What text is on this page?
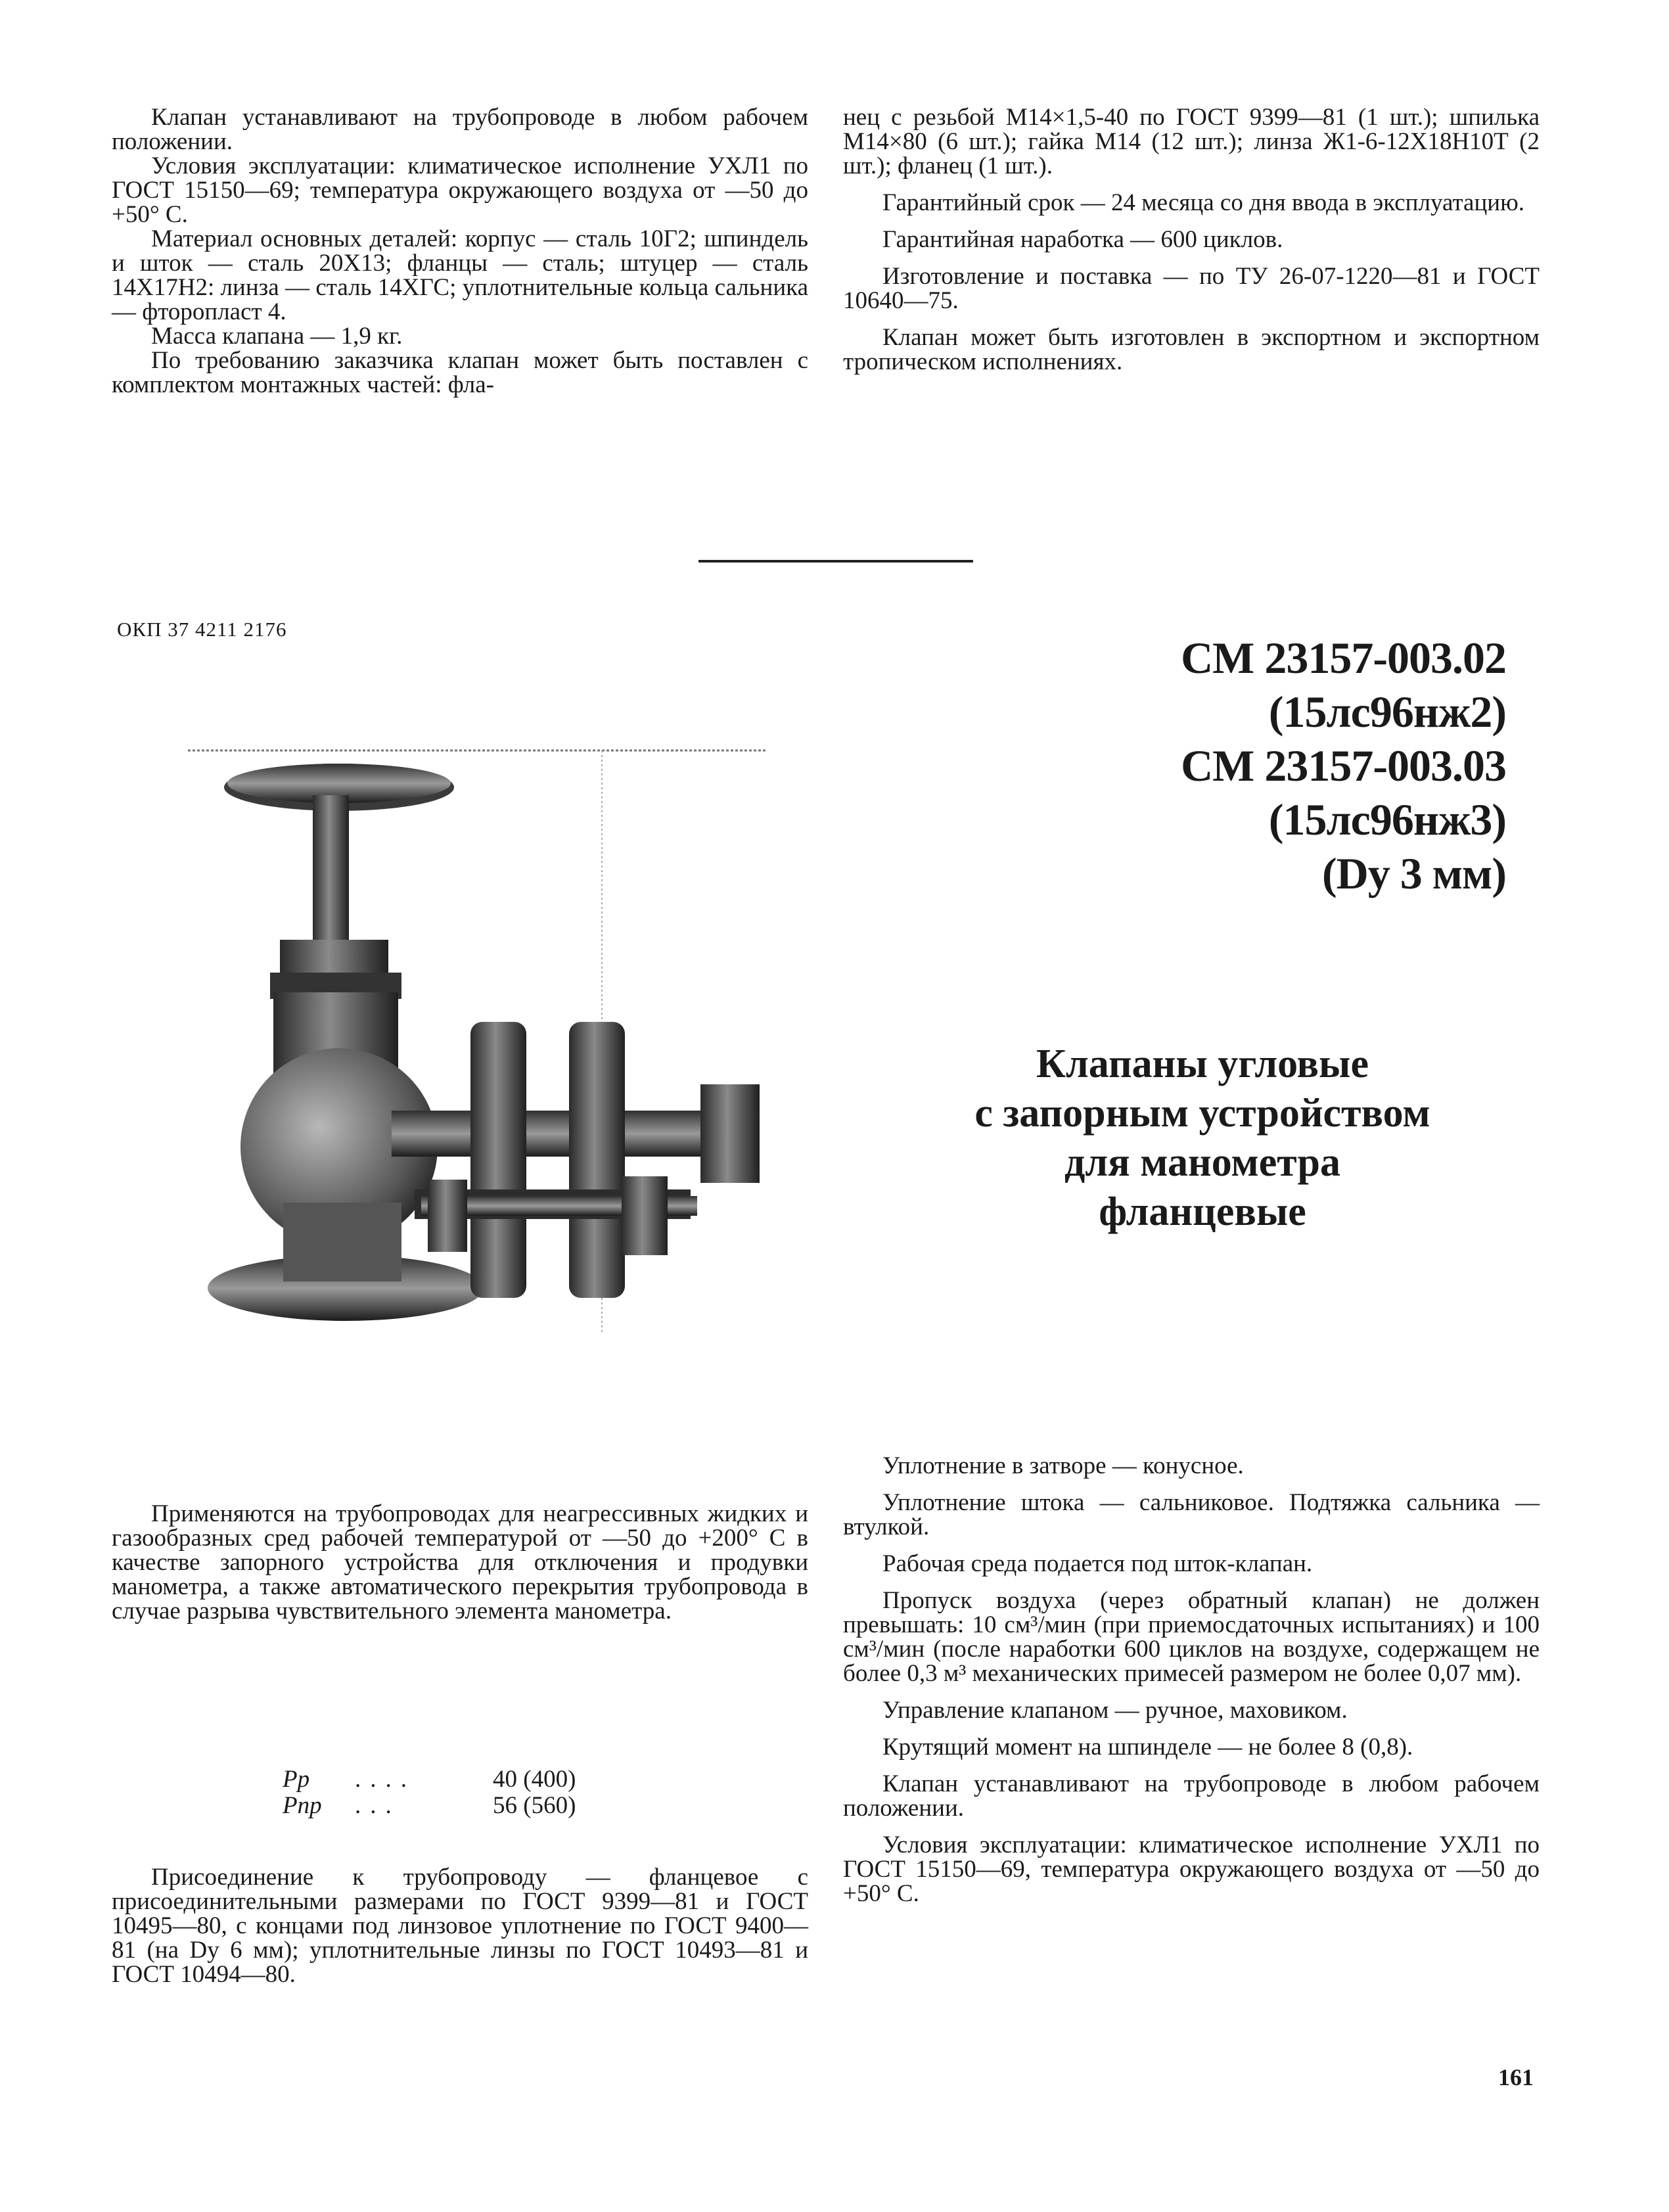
Клапан устанавливают на трубопроводе в любом рабочем положении.

Условия эксплуатации: климатическое исполнение УХЛ1 по ГОСТ 15150—69; температура окружающего воздуха от —50 до +50° С.

Материал основных деталей: корпус — сталь 10Г2; шпиндель и шток — сталь 20Х13; фланцы — сталь; штуцер — сталь 14Х17Н2: линза — сталь 14ХГС; уплотнительные кольца сальника — фторопласт 4.

Масса клапана — 1,9 кг.

По требованию заказчика клапан может быть поставлен с комплектом монтажных частей: фла-

нец с резьбой М14×1,5-40 по ГОСТ 9399—81 (1 шт.); шпилька М14×80 (6 шт.); гайка М14 (12 шт.); линза Ж1-6-12Х18Н10Т (2 шт.); фланец (1 шт.).

Гарантийный срок — 24 месяца со дня ввода в эксплуатацию.

Гарантийная наработка — 600 циклов.

Изготовление и поставка — по ТУ 26-07-1220—81 и ГОСТ 10640—75.

Клапан может быть изготовлен в экспортном и экспортном тропическом исполнениях.

ОКП 37 4211 2176
СМ 23157-003.02
(15лс96нж2)
СМ 23157-003.03
(15лс96нж3)
(Dу 3 мм)
Клапаны угловые
с запорным устройством
для манометра
фланцевые

Уплотнение в затворе — конусное.

Уплотнение штока — сальниковое. Подтяжка сальника — втулкой.

Рабочая среда подается под шток-клапан.

Пропуск воздуха (через обратный клапан) не должен превышать: 10 см³/мин (при приемосдаточных испытаниях) и 100 см³/мин (после наработки 600 циклов на воздухе, содержащем не более 0,3 м³ механических примесей размером не более 0,07 мм).

Управление клапаном — ручное, маховиком.

Крутящий момент на шпинделе — не более 8 (0,8).

Клапан устанавливают на трубопроводе в любом рабочем положении.

Условия эксплуатации: климатическое исполнение УХЛ1 по ГОСТ 15150—69, температура окружающего воздуха от —50 до +50° С.

Применяются на трубопроводах для неагрессивных жидких и газообразных сред рабочей температурой от —50 до +200° С в качестве запорного устройства для отключения и продувки манометра, а также автоматического перекрытия трубопровода в случае разрыва чувствительного элемента манометра.

Pр	....	40 (400)
Pпр	...	56 (560)

Присоединение к трубопроводу — фланцевое с присоединительными размерами по ГОСТ 9399—81 и ГОСТ 10495—80, с концами под линзовое уплотнение по ГОСТ 9400—81 (на Dу 6 мм); уплотнительные линзы по ГОСТ 10493—81 и ГОСТ 10494—80.

161
